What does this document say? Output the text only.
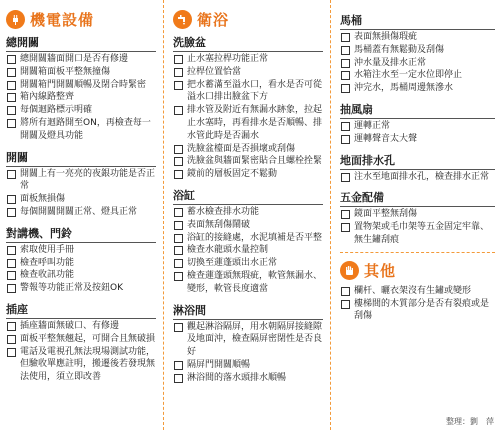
機電設備
總開關
總開關牆面開口是否有修邊
開關箱面板平整無撞傷
開關箱門開關順暢及閉合時緊密
箱內線路整齊
每個迴路標示明確
將所有迴路開至ON，再檢查每一開關及燈具功能
開關
開關上有一亮亮的夜銀功能是否正常
面板無損傷
每個開關開關正常、燈具正常
對講機、門鈴
索取使用手冊
檢查呼叫功能
檢查收訊功能
警報等功能正常及按鈕OK
插座
插座牆面無破口、有修邊
面板平整無翹起，可開合且無破損
電話及電視孔無法現場測試功能，但驗收單應註明，搬遷後若發現無法使用，須立即改善
衛浴
洗臉盆
止水塞拉桿功能正常
拉桿位置恰當
把水蓄滿至溢水口，看水是否可從溢水口排出臉盆下方
排水管及附近有無漏水跡象，拉起止水塞時，再看排水是否順暢、排水管此時是否漏水
洗臉盆檯面是否損壞或刮傷
洗臉盆與牆面緊密貼合且螺栓拴緊
鏡前的層板固定不鬆動
浴缸
蓄水檢查排水功能
表面無刮傷鬧破
浴缸的接縫處，水泥填補是否平整
檢查水龍頭水量控制
切換至蓮蓬頭出水正常
檢查蓮蓬頭無瑕疵，軟管無漏水、變形，軟管長度適當
淋浴間
觀起淋浴隔屏，用水朝隔屏接縫隙及地面沖，檢查隔屏密閉性是否良好
隔屏門開關順暢
淋浴間的落水頭排水順暢
馬桶
表面無損傷瑕疵
馬桶蓋有無鬆動及刮傷
沖水量及排水正常
水箱注水至一定水位即停止
沖完水，馬桶周邊無滲水
抽風扇
運轉正常
運轉聲音太大聲
地面排水孔
注水至地面排水孔，檢查排水正常
五金配備
鏡面平整無刮傷
置物架或毛巾架等五金固定牢靠、無生鏽刮痕
其他
欄杆、曬衣架沒有生鏽或變形
樓梯間的木質部分是否有裂痕或是刮傷
整理：劉　萍
